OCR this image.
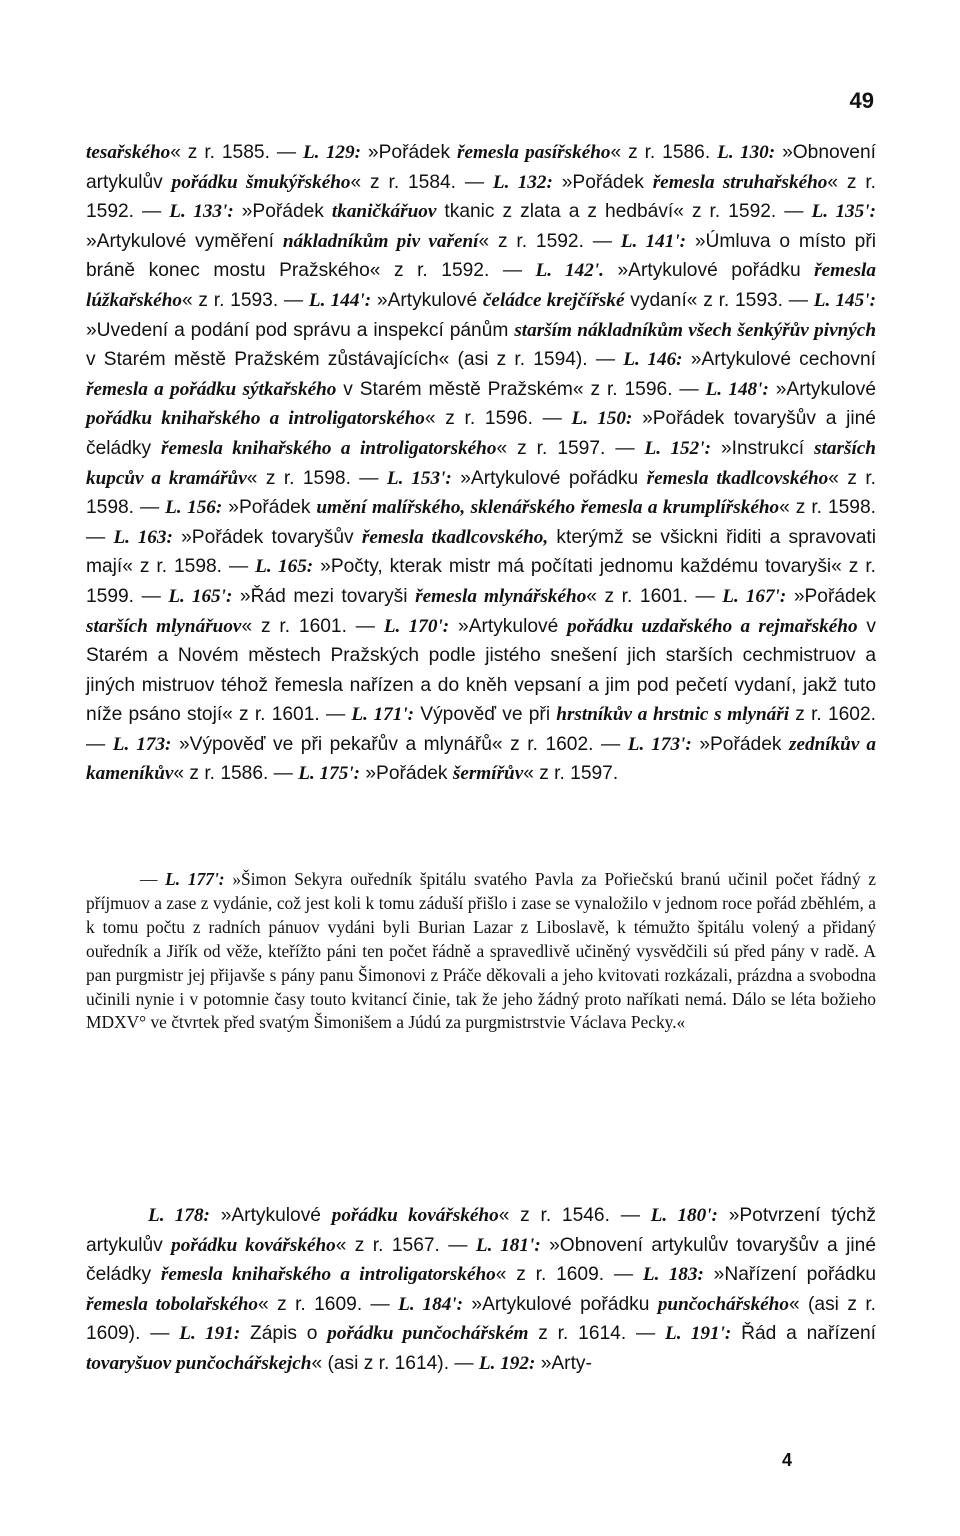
49

tesařského« z r. 1585. — L. 129: »Pořádek řemesla pasířského« z r. 1586. L. 130: »Obnovení artykulův pořádku šmukýřského« z r. 1584. — L. 132: »Pořádek řemesla struhařského« z r. 1592. — L. 133': »Pořádek tkaničkářuov tkanic z zlata a z hedbáví« z r. 1592. — L. 135': »Artykulové vyměření nákladníkům piv vaření« z r. 1592. — L. 141': »Úmluva o místo při bráně konec mostu Pražského« z r. 1592. — L. 142'. »Artykulové pořádku řemesla lúžkařského« z r. 1593. — L. 144': »Artykulové čeládce krejčířské vydaní« z r. 1593. — L. 145': »Uvedení a podání pod správu a inspekcí pánům starším nákladníkům všech šenkýřův pivných v Starém městě Pražském zůstávajících« (asi z r. 1594). — L. 146: »Artykulové cechovní řemesla a pořádku sýtkařského v Starém městě Pražském« z r. 1596. — L. 148': »Artykulové pořádku knihařského a introligatorského« z r. 1596. — L. 150: »Pořádek tovaryšův a jiné čeládky řemesla knihařského a introligatorského« z r. 1597. — L. 152': »Instrukcí starších kupcův a kramářův« z r. 1598. — L. 153': »Artykulové pořádku řemesla tkadlcovského« z r. 1598. — L. 156: »Pořádek umění malířského, sklenářského řemesla a krumplířského« z r. 1598. — L. 163: »Pořádek tovaryšův řemesla tkadlcovského, kterýmž se všickni řiditi a spravovati mají« z r. 1598. — L. 165: »Počty, kterak mistr má počítati jednomu každému tovaryši« z r. 1599. — L. 165': »Řád mezi tovaryši řemesla mlynářského« z r. 1601. — L. 167': »Pořádek starších mlynářuov« z r. 1601. — L. 170': »Artykulové pořádku uzdařského a rejmařského v Starém a Novém městech Pražských podle jistého snešení jich starších cechmistruov a jiných mistruov téhož řemesla nařízen a do kněh vepsaní a jim pod pečetí vydaní, jakž tuto níže psáno stojí« z r. 1601. — L. 171': Výpověď ve při hrstníkův a hrstnic s mlynáři z r. 1602. — L. 173: »Výpověď ve při pekařův a mlynářů« z r. 1602. — L. 173': »Pořádek zedníkův a kameníkův« z r. 1586. — L. 175': »Pořádek šermířův« z r. 1597.

— L. 177': »Šimon Sekyra ouředník špitálu svatého Pavla za Pořiečskú branú učinil počet řádný z příjmuov a zase z vydánie, což jest koli k tomu záduší přišlo i zase se vynaložilo v jednom roce pořád zběhlém, a k tomu počtu z radních pánuov vydáni byli Burian Lazar z Liboslavě, k témužto špitálu volený a přidaný ouředník a Jiřík od věže, kteřížto páni ten počet řádně a spravedlivě učiněný vysvědčili sú před pány v radě. A pan purgmistr jej přijavše s pány panu Šimonovi z Práče děkovali a jeho kvitovati rozkázali, prázdna a svobodna učinili nynie i v potomnie časy touto kvitancí činie, tak že jeho žádný proto naříkati nemá. Dálo se léta božieho MDXV° ve čtvrtek před svatým Šimonišem a Júdú za purgmistrstvie Václava Pecky.«

L. 178: »Artykulové pořádku kovářského« z r. 1546. — L. 180': »Potvrzení týchž artykulův pořádku kovářského« z r. 1567. — L. 181': »Obnovení artykulův tovaryšův a jiné čeládky řemesla knihařského a introligatorského« z r. 1609. — L. 183: »Nařízení pořádku řemesla tobolařského« z r. 1609. — L. 184': »Artykulové pořádku punčochářského« (asi z r. 1609). — L. 191: Zápis o pořádku punčochářském z r. 1614. — L. 191': Řád a nařízení tovaryšuov punčochářskejch« (asi z r. 1614). — L. 192: »Arty-

4
